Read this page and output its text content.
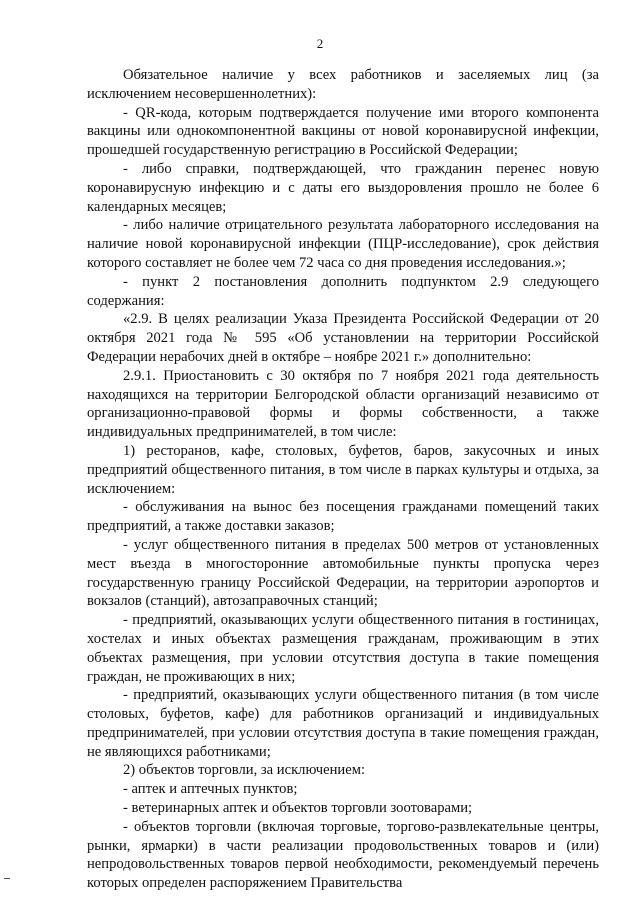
2

Обязательное наличие у всех работников и заселяемых лиц (за исключением несовершеннолетних):

- QR-кода, которым подтверждается получение ими второго компонента вакцины или однокомпонентной вакцины от новой коронавирусной инфекции, прошедшей государственную регистрацию в Российской Федерации;

- либо справки, подтверждающей, что гражданин перенес новую коронавирусную инфекцию и с даты его выздоровления прошло не более 6 календарных месяцев;

- либо наличие отрицательного результата лабораторного исследования на наличие новой коронавирусной инфекции (ПЦР-исследование), срок действия которого составляет не более чем 72 часа со дня проведения исследования.»;

- пункт 2 постановления дополнить подпунктом 2.9 следующего содержания:

«2.9. В целях реализации Указа Президента Российской Федерации от 20 октября 2021 года № 595 «Об установлении на территории Российской Федерации нерабочих дней в октябре – ноябре 2021 г.» дополнительно:

2.9.1. Приостановить с 30 октября по 7 ноября 2021 года деятельность находящихся на территории Белгородской области организаций независимо от организационно-правовой формы и формы собственности, а также индивидуальных предпринимателей, в том числе:

1) ресторанов, кафе, столовых, буфетов, баров, закусочных и иных предприятий общественного питания, в том числе в парках культуры и отдыха, за исключением:

- обслуживания на вынос без посещения гражданами помещений таких предприятий, а также доставки заказов;

- услуг общественного питания в пределах 500 метров от установленных мест въезда в многосторонние автомобильные пункты пропуска через государственную границу Российской Федерации, на территории аэропортов и вокзалов (станций), автозаправочных станций;

- предприятий, оказывающих услуги общественного питания в гостиницах, хостелах и иных объектах размещения гражданам, проживающим в этих объектах размещения, при условии отсутствия доступа в такие помещения граждан, не проживающих в них;

- предприятий, оказывающих услуги общественного питания (в том числе столовых, буфетов, кафе) для работников организаций и индивидуальных предпринимателей, при условии отсутствия доступа в такие помещения граждан, не являющихся работниками;

2) объектов торговли, за исключением:

- аптек и аптечных пунктов;

- ветеринарных аптек и объектов торговли зоотоварами;

- объектов торговли (включая торговые, торгово-развлекательные центры, рынки, ярмарки) в части реализации продовольственных товаров и (или) непродовольственных товаров первой необходимости, рекомендуемый перечень которых определен распоряжением Правительства
